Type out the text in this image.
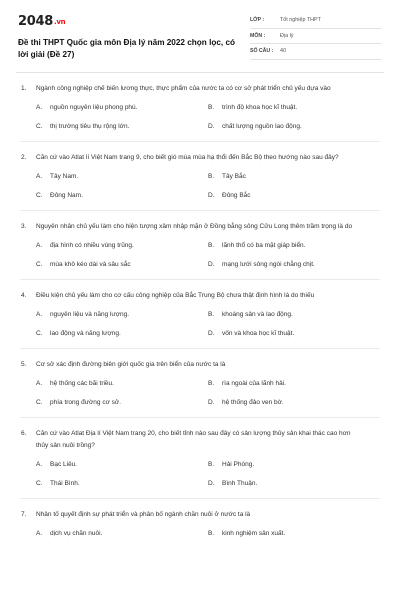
2048.vn
Đề thi THPT Quốc gia môn Địa lý năm 2022 chọn lọc, có lời giải (Đề 27)
LỚP :	Tốt nghiệp THPT
MÔN :	Địa lý
SỐ CÂU :	40
1.	Ngành công nghiệp chế biến lương thực, thực phẩm của nước ta có cơ sở phát triển chủ yếu dựa vào
A.	nguồn nguyên liệu phong phú.	B.	trình độ khoa học kĩ thuật.
C.	thị trường tiêu thụ rộng lớn.	D.	chất lượng nguồn lao động.
2.	Căn cứ vào Atlat lí Việt Nam trang 9, cho biết gió mùa mùa hạ thổi đến Bắc Bộ theo hướng nào sau đây?
A.	Tây Nam.	B.	Tây Bắc
C.	Đông Nam.	D.	Đông Bắc
3.	Nguyên nhân chủ yếu làm cho hiện tượng xâm nhập mặn ở Đồng bằng sông Cửu Long thêm trầm trọng là do
A.	địa hình có nhiều vùng trũng.	B.	lãnh thổ có ba mặt giáp biển.
C.	mùa khô kéo dài và sâu sắc	D.	mạng lưới sông ngòi chằng chịt.
4.	Điều kiện chủ yếu làm cho cơ cấu công nghiệp của Bắc Trung Bộ chưa thật định hình là do thiếu
A.	nguyên liệu và năng lượng.	B.	khoáng sản và lao động.
C.	lao động và năng lượng.	D.	vốn và khoa học kĩ thuật.
5.	Cơ sở xác định đường biên giới quốc gia trên biển của nước ta là
A.	hệ thống các bãi triều.	B.	rìa ngoài của lãnh hải.
C.	phía trong đường cơ sở.	D.	hệ thống đảo ven bờ.
6.	Căn cứ vào Atlat Địa lí Việt Nam trang 20, cho biết tỉnh nào sau đây có sản lượng thủy sản khai thác cao hơn thủy sản nuôi trồng?
A.	Bạc Liêu.	B.	Hải Phòng.
C.	Thái Bình.	D.	Bình Thuận.
7.	Nhân tố quyết định sự phát triển và phân bố ngành chăn nuôi ở nước ta là
A.	dịch vụ chăn nuôi.	B.	kinh nghiệm sản xuất.
